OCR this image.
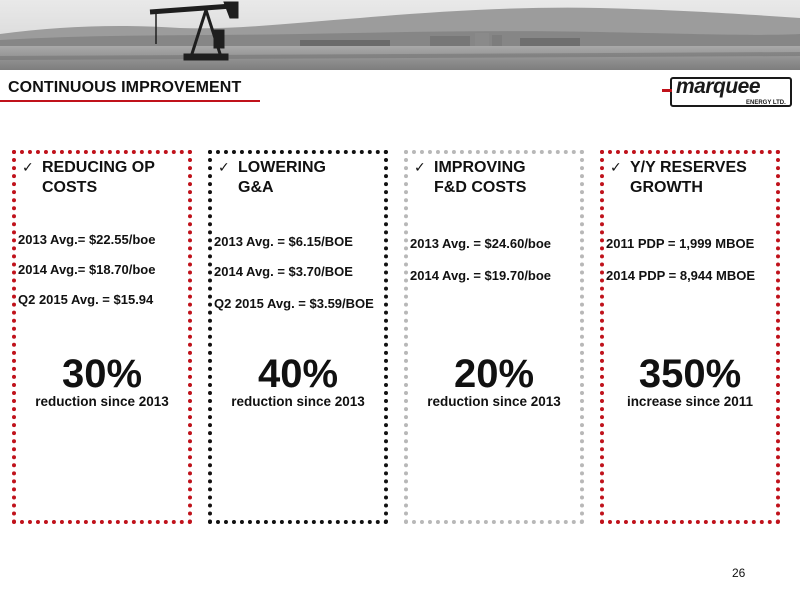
CONTINUOUS IMPROVEMENT	marquee
ENERGY LTD.
✓ REDUCING OP
COSTS
2013 Avg.= $22.55/boe
2014 Avg.= $18.70/boe
Q2 2015 Avg. = $15.94
30%
reduction since 2013
✓ LOWERING
G&A
2013 Avg. = $6.15/BOE
2014 Avg. = $3.70/BOE
Q2 2015 Avg. = $3.59/BOE
40%
reduction since 2013
✓ IMPROVING
F&D COSTS
2013 Avg. = $24.60/boe
2014 Avg. = $19.70/boe
20%
reduction since 2013
✓ Y/Y RESERVES
GROWTH
2011 PDP = 1,999 MBOE
2014 PDP = 8,944 MBOE
350%
increase since 2011
26
